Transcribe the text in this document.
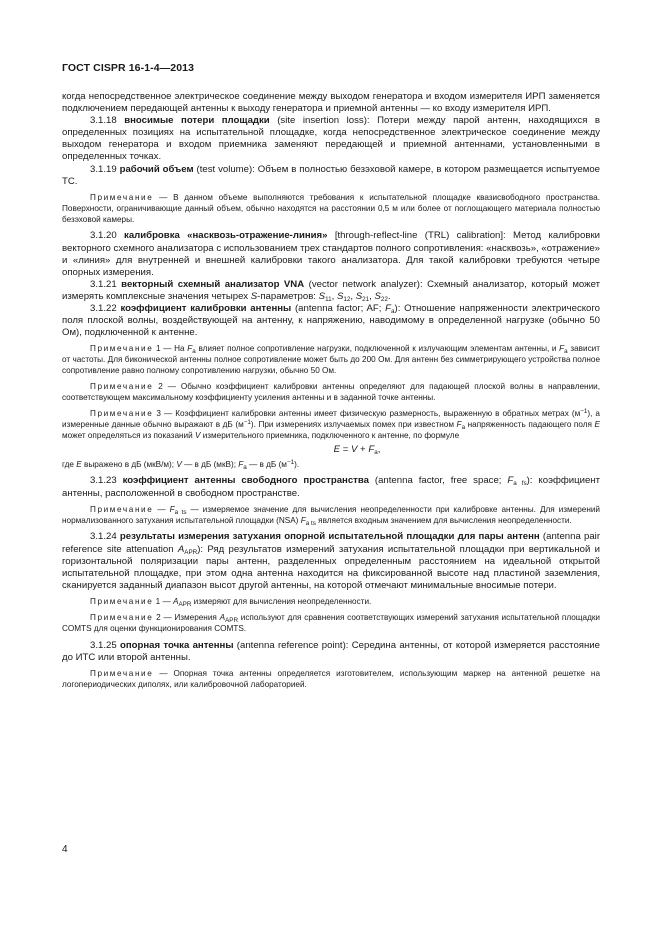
ГОСТ CISPR 16-1-4—2013

когда непосредственное электрическое соединение между выходом генератора и входом измерителя ИРП заменяется подключением передающей антенны к выходу генератора и приемной антенны — ко входу измерителя ИРП.

3.1.18 вносимые потери площадки (site insertion loss): Потери между парой антенн, находящихся в определенных позициях на испытательной площадке, когда непосредственное электрическое соединение между выходом генератора и входом приемника заменяют передающей и приемной антеннами, установленными в определенных точках.

3.1.19 рабочий объем (test volume): Объем в полностью безэховой камере, в котором размещается испытуемое ТС.

Примечание — В данном объеме выполняются требования к испытательной площадке квазисвободного пространства. Поверхности, ограничивающие данный объем, обычно находятся на расстоянии 0,5 м или более от поглощающего материала полностью безэховой камеры.

3.1.20 калибровка «насквозь-отражение-линия» [through-reflect-line (TRL) calibration]: Метод калибровки векторного схемного анализатора с использованием трех стандартов полного сопротивления: «насквозь», «отражение» и «линия» для внутренней и внешней калибровки такого анализатора. Для такой калибровки требуются четыре опорных измерения.

3.1.21 векторный схемный анализатор VNA (vector network analyzer): Схемный анализатор, который может измерять комплексные значения четырех S-параметров: $S_{11}$, $S_{12}$, $S_{21}$, $S_{22}$.

3.1.22 коэффициент калибровки антенны (antenna factor; AF; $F_a$): Отношение напряженности электрического поля плоской волны, воздействующей на антенну, к напряжению, наводимому в определенной нагрузке (обычно 50 Ом), подключенной к антенне.

Примечание 1 — На $F_a$ влияет полное сопротивление нагрузки, подключенной к излучающим элементам антенны, и $F_a$ зависит от частоты. Для биконической антенны полное сопротивление может быть до 200 Ом. Для антенн без симметрирующего устройства полное сопротивление равно полному сопротивлению нагрузки, обычно 50 Ом.

Примечание 2 — Обычно коэффициент калибровки антенны определяют для падающей плоской волны в направлении, соответствующем максимальному коэффициенту усиления антенны и в заданной точке антенны.

Примечание 3 — Коэффициент калибровки антенны имеет физическую размерность, выраженную в обратных метрах $(м^{-1})$, а измеренные данные обычно выражают в дБ $(м^{-1})$. При измерениях излучаемых помех при известном $F_a$ напряженность падающего поля E может определяться из показаний V измерительного приемника, подключенного к антенне, по формуле

$E = V + F_a$,

где E выражено в дБ (мкВ/м); V — в дБ (мкВ); $F_a$ — в дБ $(м^{-1})$.

3.1.23 коэффициент антенны свободного пространства (antenna factor, free space; $F_{a fs}$): коэффициент антенны, расположенной в свободном пространстве.

Примечание — $F_{a ts}$ — измеряемое значение для вычисления неопределенности при калибровке антенны. Для измерений нормализованного затухания испытательной площадки (NSA) $F_{a ts}$ является входным значением для вычисления неопределенности.

3.1.24 результаты измерения затухания опорной испытательной площадки для пары антенн (antenna pair reference site attenuation $A_{APR}$): Ряд результатов измерений затухания испытательной площадки при вертикальной и горизонтальной поляризации пары антенн, разделенных определенным расстоянием на идеальной открытой испытательной площадке, при этом одна антенна находится на фиксированной высоте над пластиной заземления, сканируется заданный диапазон высот другой антенны, на которой отмечают минимальные вносимые потери.

Примечание 1 — $A_{APR}$ измеряют для вычисления неопределенности.

Примечание 2 — Измерения $A_{APR}$ используют для сравнения соответствующих измерений затухания испытательной площадки COMTS для оценки функционирования COMTS.

3.1.25 опорная точка антенны (antenna reference point): Середина антенны, от которой измеряется расстояние до ИТС или второй антенны.

Примечание — Опорная точка антенны определяется изготовителем, использующим маркер на антенной решетке на логопериодических диполях, или калибровочной лабораторией.

4
